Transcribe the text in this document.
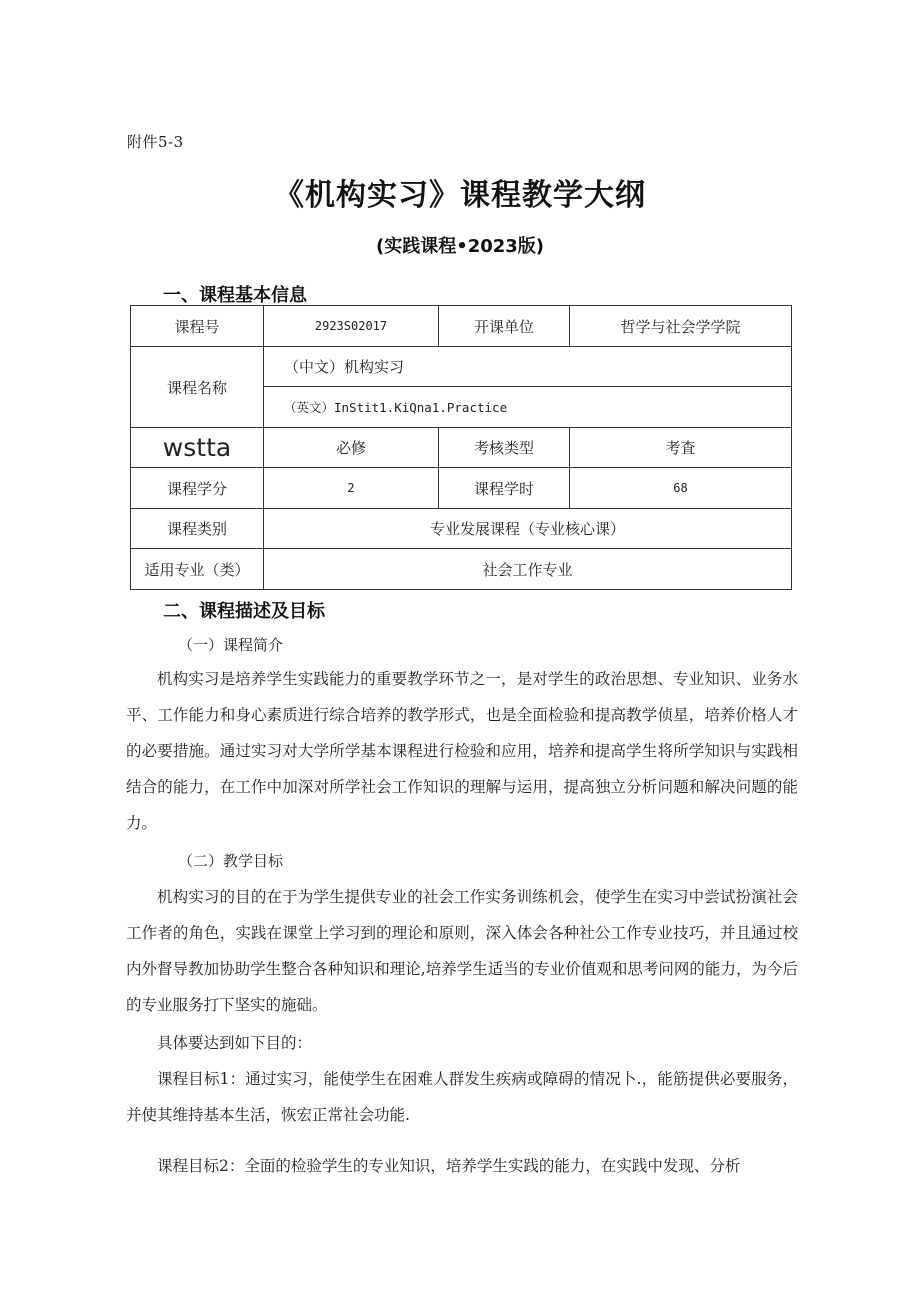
附件5-3
《机构实习》课程教学大纲
(实践课程•2023版)
一、课程基本信息
课程号	2923S02017	开课单位	哲学与社会学学院
课程名称	（中文）机构实习		
	（英文）InStit1.KiQna1.Practice		
wstta	必修	考核类型	考査
课程学分	2	课程学时	68
课程类别	专业发展课程（专业核心课）		
适用专业（类）	社会工作专业		
二、课程描述及目标
（一）课程简介

机构实习是培养学生实践能力的重要教学环节之一，是对学生的政治思想、专业知识、业务水平、工作能力和身心素质进行综合培养的教学形式，也是全面检验和提高教学侦星，培养价格人才的必要措施。通过实习对大学所学基本课程进行检验和应用，培养和提高学生将所学知识与实践相结合的能力，在工作中加深对所学社会工作知识的理解与运用，提高独立分析问题和解决问题的能力。

（二）教学目标

机构实习的目的在于为学生提供专业的社会工作实务训练机会，使学生在实习中尝试扮演社会工作者的角色，实践在课堂上学习到的理论和原则，深入体会各种社公工作专业技巧，并且通过校内外督导教加协助学生整合各种知识和理论,培养学生适当的专业价值观和思考问网的能力，为今后的专业服务打下坚实的施础。

具体要达到如下目的：

课程目标1：通过实习，能使学生在困难人群发生疾病或障碍的情况卜.，能筋提供必要服务，并使其维持基本生活，恢宏正常社会功能.

课程目标2：全面的检验学生的专业知识，培养学生实践的能力，在实践中发现、分析
